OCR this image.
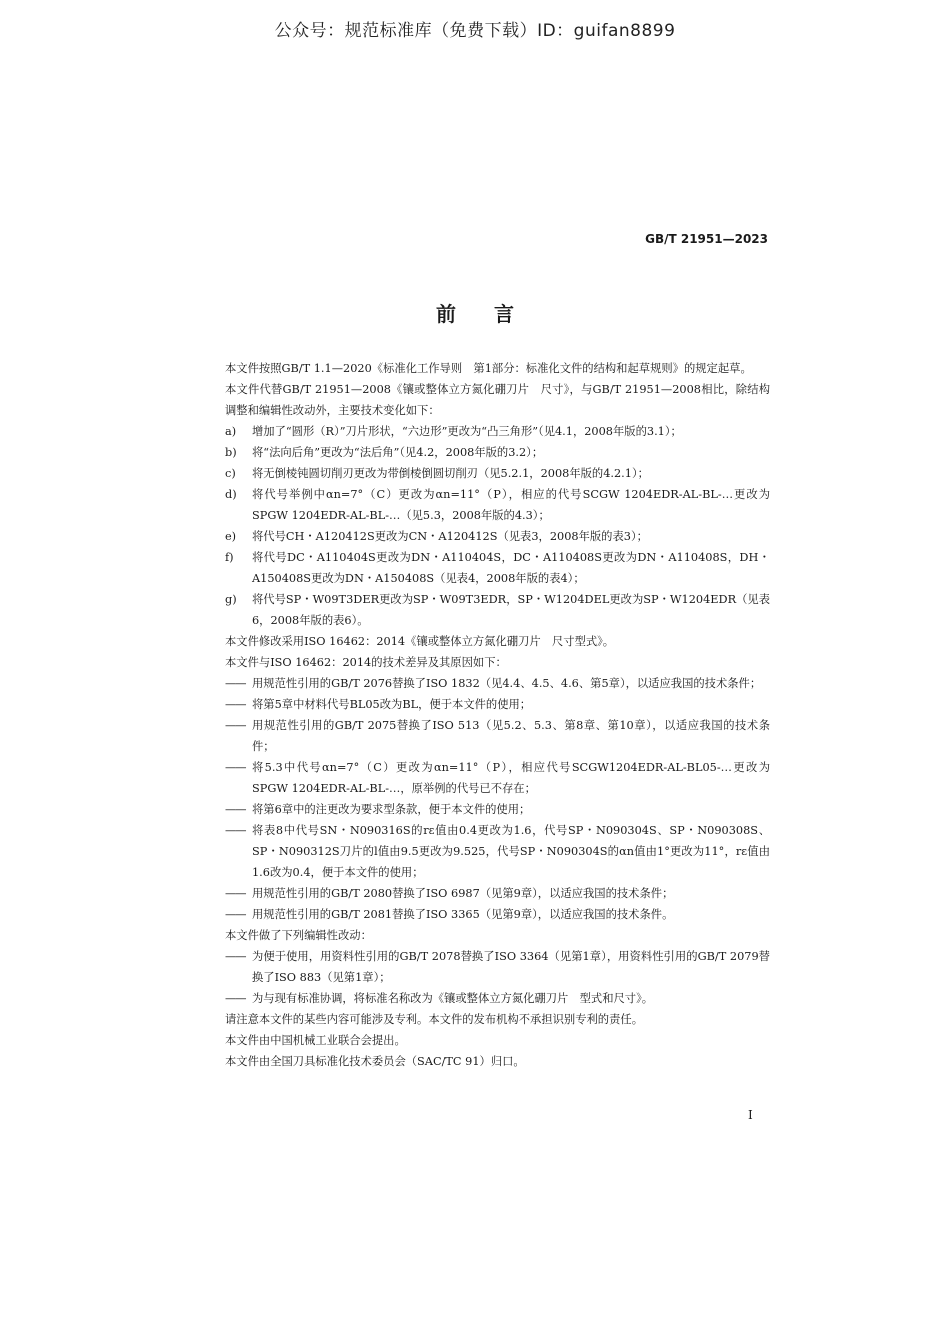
公众号：规范标准库（免费下载）ID：guifan8899
GB/T 21951—2023
前言

本文件按照GB/T 1.1—2020《标准化工作导则　第1部分：标准化文件的结构和起草规则》的规定起草。

本文件代替GB/T 21951—2008《镶或整体立方氮化硼刀片　尺寸》，与GB/T 21951—2008相比，除结构调整和编辑性改动外，主要技术变化如下：

a) 增加了“圆形（R）”刀片形状，“六边形”更改为“凸三角形”（见4.1，2008年版的3.1）；
b) 将“法向后角”更改为“法后角”（见4.2，2008年版的3.2）；
c) 将无倒棱钝圆切削刃更改为带倒棱倒圆切削刃（见5.2.1，2008年版的4.2.1）；
d) 将代号举例中αn=7°（C）更改为αn=11°（P），相应的代号SCGW 1204EDR-AL-BL-…更改为SPGW 1204EDR-AL-BL-…（见5.3，2008年版的4.3）；
e) 将代号CH・A120412S更改为CN・A120412S（见表3，2008年版的表3）；
f) 将代号DC・A110404S更改为DN・A110404S，DC・A110408S更改为DN・A110408S，DH・A150408S更改为DN・A150408S（见表4，2008年版的表4）；
g) 将代号SP・W09T3DER更改为SP・W09T3EDR，SP・W1204DEL更改为SP・W1204EDR（见表6，2008年版的表6）。

本文件修改采用ISO 16462：2014《镶或整体立方氮化硼刀片　尺寸型式》。

本文件与ISO 16462：2014的技术差异及其原因如下：

—— 用规范性引用的GB/T 2076替换了ISO 1832（见4.4、4.5、4.6、第5章），以适应我国的技术条件；
—— 将第5章中材料代号BL05改为BL，便于本文件的使用；
—— 用规范性引用的GB/T 2075替换了ISO 513（见5.2、5.3、第8章、第10章），以适应我国的技术条件；
—— 将5.3中代号αn=7°（C）更改为αn=11°（P），相应代号SCGW1204EDR-AL-BL05-…更改为SPGW 1204EDR-AL-BL-…，原举例的代号已不存在；
—— 将第6章中的注更改为要求型条款，便于本文件的使用；
—— 将表8中代号SN・N090316S的rε值由0.4更改为1.6，代号SP・N090304S、SP・N090308S、SP・N090312S刀片的l值由9.5更改为9.525，代号SP・N090304S的αn值由1°更改为11°，rε值由1.6改为0.4，便于本文件的使用；
—— 用规范性引用的GB/T 2080替换了ISO 6987（见第9章），以适应我国的技术条件；
—— 用规范性引用的GB/T 2081替换了ISO 3365（见第9章），以适应我国的技术条件。

本文件做了下列编辑性改动：

—— 为便于使用，用资料性引用的GB/T 2078替换了ISO 3364（见第1章），用资料性引用的GB/T 2079替换了ISO 883（见第1章）；
—— 为与现有标准协调，将标准名称改为《镶或整体立方氮化硼刀片　型式和尺寸》。

请注意本文件的某些内容可能涉及专利。本文件的发布机构不承担识别专利的责任。

本文件由中国机械工业联合会提出。

本文件由全国刀具标准化技术委员会（SAC/TC 91）归口。

I
